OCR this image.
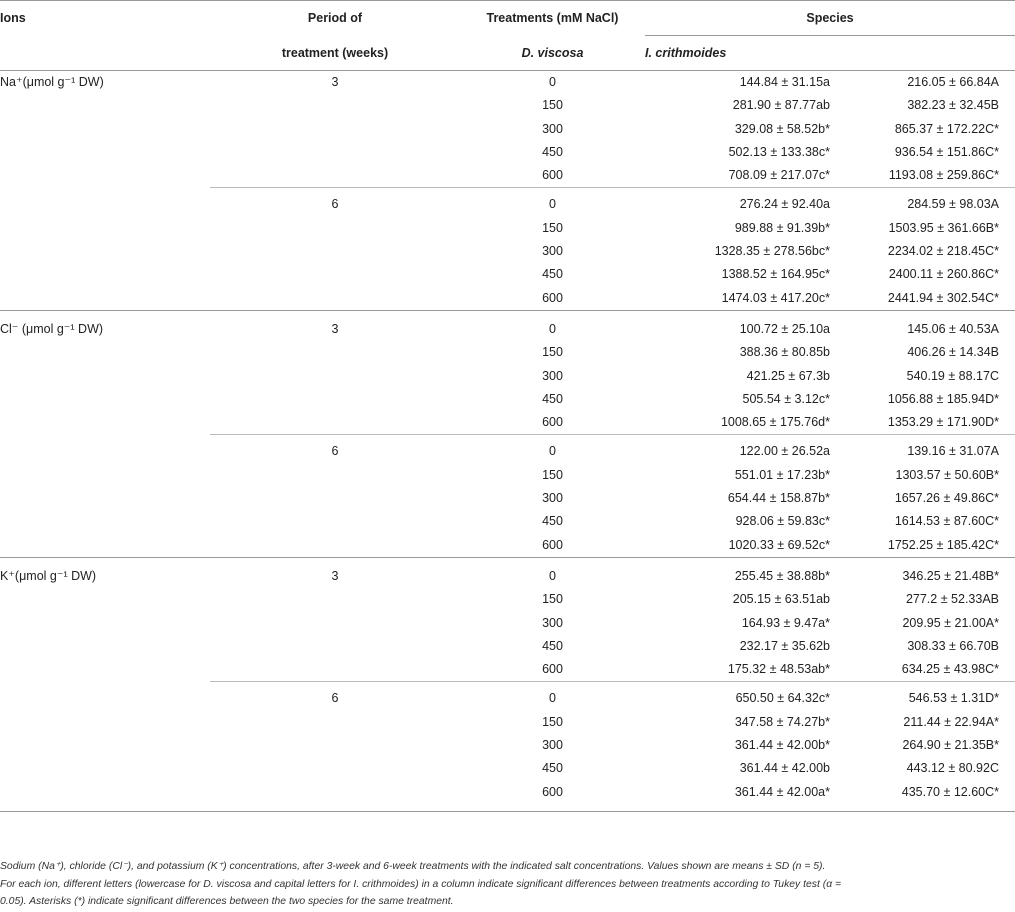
Ions	Period of	Treatments (mM NaCl)	Species	
	treatment (weeks)	D. viscosa	I. crithmoides	
Na⁺(μmol g⁻¹ DW)	3	0	144.84 ± 31.15a	216.05 ± 66.84A
		150	281.90 ± 87.77ab	382.23 ± 32.45B
		300	329.08 ± 58.52b*	865.37 ± 172.22C*
		450	502.13 ± 133.38c*	936.54 ± 151.86C*
		600	708.09 ± 217.07c*	1193.08 ± 259.86C*
	6	0	276.24 ± 92.40a	284.59 ± 98.03A
		150	989.88 ± 91.39b*	1503.95 ± 361.66B*
		300	1328.35 ± 278.56bc*	2234.02 ± 218.45C*
		450	1388.52 ± 164.95c*	2400.11 ± 260.86C*
		600	1474.03 ± 417.20c*	2441.94 ± 302.54C*
Cl⁻ (μmol g⁻¹ DW)	3	0	100.72 ± 25.10a	145.06 ± 40.53A
		150	388.36 ± 80.85b	406.26 ± 14.34B
		300	421.25 ± 67.3b	540.19 ± 88.17C
		450	505.54 ± 3.12c*	1056.88 ± 185.94D*
		600	1008.65 ± 175.76d*	1353.29 ± 171.90D*
	6	0	122.00 ± 26.52a	139.16 ± 31.07A
		150	551.01 ± 17.23b*	1303.57 ± 50.60B*
		300	654.44 ± 158.87b*	1657.26 ± 49.86C*
		450	928.06 ± 59.83c*	1614.53 ± 87.60C*
		600	1020.33 ± 69.52c*	1752.25 ± 185.42C*
K⁺(μmol g⁻¹ DW)	3	0	255.45 ± 38.88b*	346.25 ± 21.48B*
		150	205.15 ± 63.51ab	277.2 ± 52.33AB
		300	164.93 ± 9.47a*	209.95 ± 21.00A*
		450	232.17 ± 35.62b	308.33 ± 66.70B
		600	175.32 ± 48.53ab*	634.25 ± 43.98C*
	6	0	650.50 ± 64.32c*	546.53 ± 1.31D*
		150	347.58 ± 74.27b*	211.44 ± 22.94A*
		300	361.44 ± 42.00b*	264.90 ± 21.35B*
		450	361.44 ± 42.00b	443.12 ± 80.92C
		600	361.44 ± 42.00a*	435.70 ± 12.60C*
Sodium (Na⁺), chloride (Cl⁻), and potassium (K⁺) concentrations, after 3-week and 6-week treatments with the indicated salt concentrations. Values shown are means ± SD (n = 5).
For each ion, different letters (lowercase for D. viscosa and capital letters for I. crithmoides) in a column indicate significant differences between treatments according to Tukey test (α =
0.05). Asterisks (*) indicate significant differences between the two species for the same treatment.
